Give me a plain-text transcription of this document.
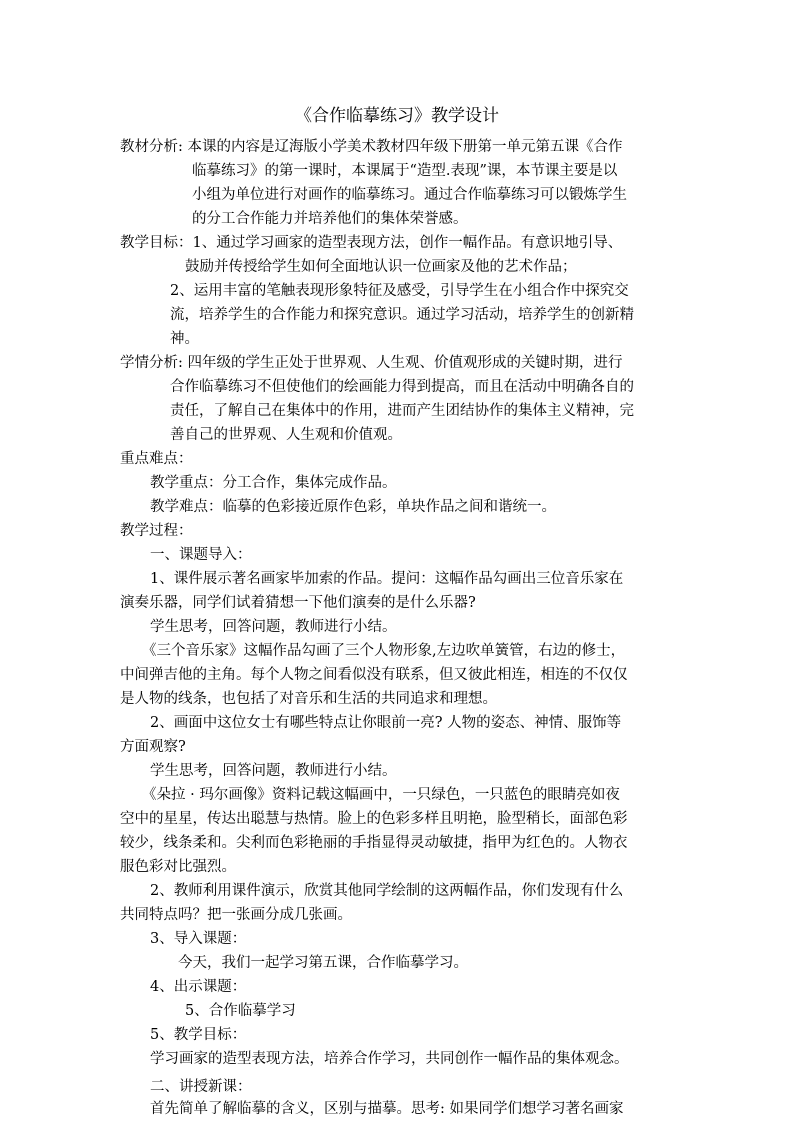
《合作临摹练习》教学设计
教材分析: 本课的内容是辽海版小学美术教材四年级下册第一单元第五课《合作
临摹练习》的第一课时，本课属于“造型.表现”课，本节课主要是以
小组为单位进行对画作的临摹练习。通过合作临摹练习可以锻炼学生
的分工合作能力并培养他们的集体荣誉感。
教学目标：1、通过学习画家的造型表现方法，创作一幅作品。有意识地引导、
鼓励并传授给学生如何全面地认识一位画家及他的艺术作品；
2、运用丰富的笔触表现形象特征及感受，引导学生在小组合作中探究交
流，培养学生的合作能力和探究意识。通过学习活动，培养学生的创新精
神。
学情分析: 四年级的学生正处于世界观、人生观、价值观形成的关键时期，进行
合作临摹练习不但使他们的绘画能力得到提高，而且在活动中明确各自的
责任，了解自己在集体中的作用，进而产生团结协作的集体主义精神，完
善自己的世界观、人生观和价值观。
重点难点：
教学重点：分工合作，集体完成作品。
教学难点：临摹的色彩接近原作色彩，单块作品之间和谐统一。
教学过程：
一、课题导入：
1、课件展示著名画家毕加索的作品。提问：这幅作品勾画出三位音乐家在
演奏乐器，同学们试着猜想一下他们演奏的是什么乐器?
学生思考，回答问题，教师进行小结。
《三个音乐家》这幅作品勾画了三个人物形象,左边吹单簧管，右边的修士，
中间弹吉他的主角。每个人物之间看似没有联系，但又彼此相连，相连的不仅仅
是人物的线条，也包括了对音乐和生活的共同追求和理想。
2、画面中这位女士有哪些特点让你眼前一亮? 人物的姿态、神情、服饰等
方面观察?
学生思考，回答问题，教师进行小结。
《朵拉 · 玛尔画像》资料记载这幅画中，一只绿色，一只蓝色的眼睛亮如夜
空中的星星，传达出聪慧与热情。脸上的色彩多样且明艳，脸型稍长，面部色彩
较少，线条柔和。尖利而色彩艳丽的手指显得灵动敏捷，指甲为红色的。人物衣
服色彩对比强烈。
2、教师利用课件演示，欣赏其他同学绘制的这两幅作品，你们发现有什么
共同特点吗？把一张画分成几张画。
3、导入课题：
今天，我们一起学习第五课，合作临摹学习。
4、出示课题：
5、合作临摹学习
5、教学目标：
学习画家的造型表现方法，培养合作学习，共同创作一幅作品的集体观念。
二、讲授新课：
首先简单了解临摹的含义，区别与描摹。思考: 如果同学们想学习著名画家
